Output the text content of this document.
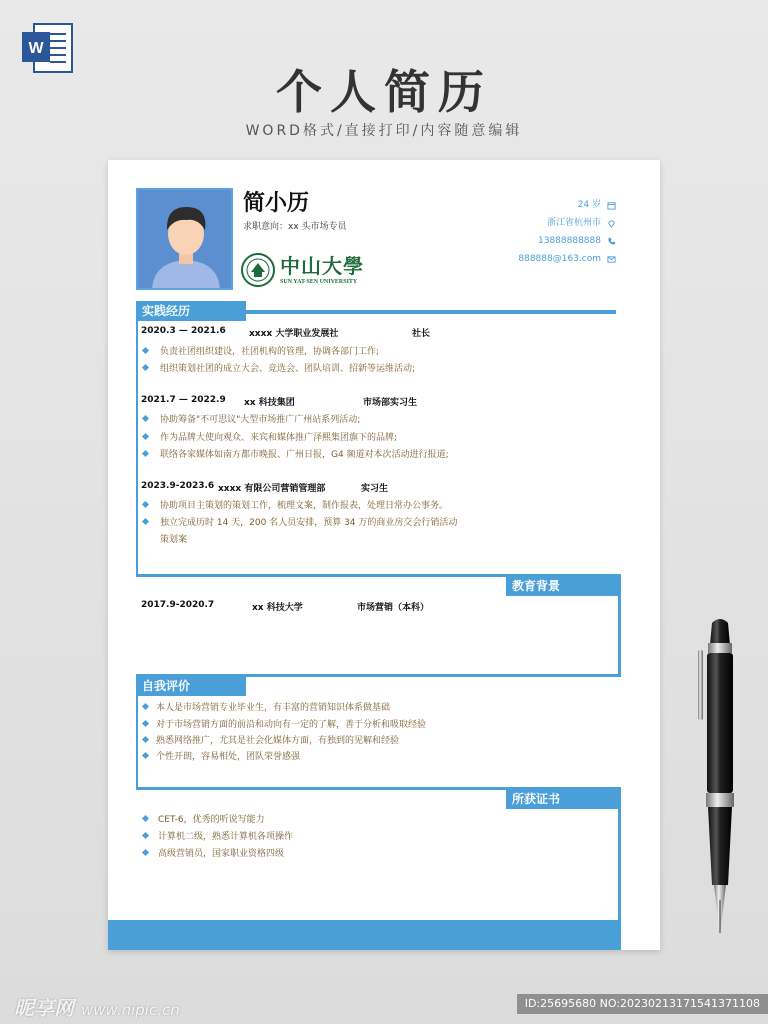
W
个人简历
WORD格式/直接打印/内容随意编辑
简小历
求职意向：xx 头市场专员
中山大學
SUN YAT-SEN UNIVERSITY
24 岁
浙江省杭州市
13888888888
888888@163.com
实践经历
2020.3 — 2021.6	xxxx 大学职业发展社	社长
负责社团组织建设，社团机构的管理，协调各部门工作;
组织策划社团的成立大会、竞选会、团队培训、招新等运维活动;
2021.7 — 2022.9 xx 科技集团	市场部实习生
协助筹备"不可思议"大型市场推广广州站系列活动;
作为品牌大使向观众、来宾和媒体推广泽熙集团旗下的品牌;
联络各家媒体如南方都市晚报、广州日报，G4 频道对本次活动进行报道;
2023.9-2023.6 xxxx 有限公司营销管理部	实习生
协助项目主策划的策划工作，梳理文案，制作报表，处理日常办公事务。
独立完成历时 14 天，200 名人员安排，预算 34 万的商业房交会行销活动
策划案
教育背景
2017.9-2020.7	xx 科技大学	市场营销（本科）
自我评价
本人是市场营销专业毕业生，有丰富的营销知识体系做基础
对于市场营销方面的前沿和动向有一定的了解，善于分析和吸取经验
熟悉网络推广，尤其是社会化媒体方面，有独到的见解和经验
个性开朗，容易相处，团队荣誉感强
所获证书
CET-6，优秀的听说写能力
计算机二级，熟悉计算机各项操作
高级营销员，国家职业资格四级
昵享网 www.nipic.cn	ID:25695680 NO:20230213171541371108
